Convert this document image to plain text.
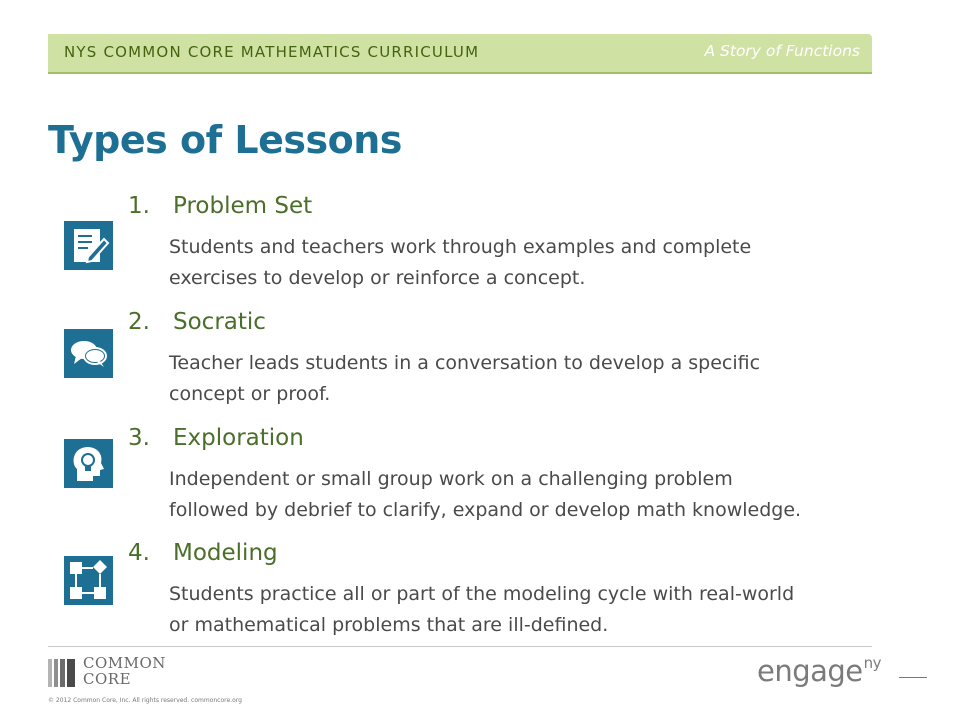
NYS COMMON CORE MATHEMATICS CURRICULUM	A Story of Functions
Types of Lessons
1. Problem Set
Students and teachers work through examples and complete
exercises to develop or reinforce a concept.
2. Socratic
Teacher leads students in a conversation to develop a specific
concept or proof.
3. Exploration
Independent or small group work on a challenging problem
followed by debrief to clarify, expand or develop math knowledge.
4. Modeling
Students practice all or part of the modeling cycle with real-world
or mathematical problems that are ill-defined.
COMMON
CORE
© 2012 Common Core, Inc. All rights reserved. commoncore.org
engage$^{ny}$
